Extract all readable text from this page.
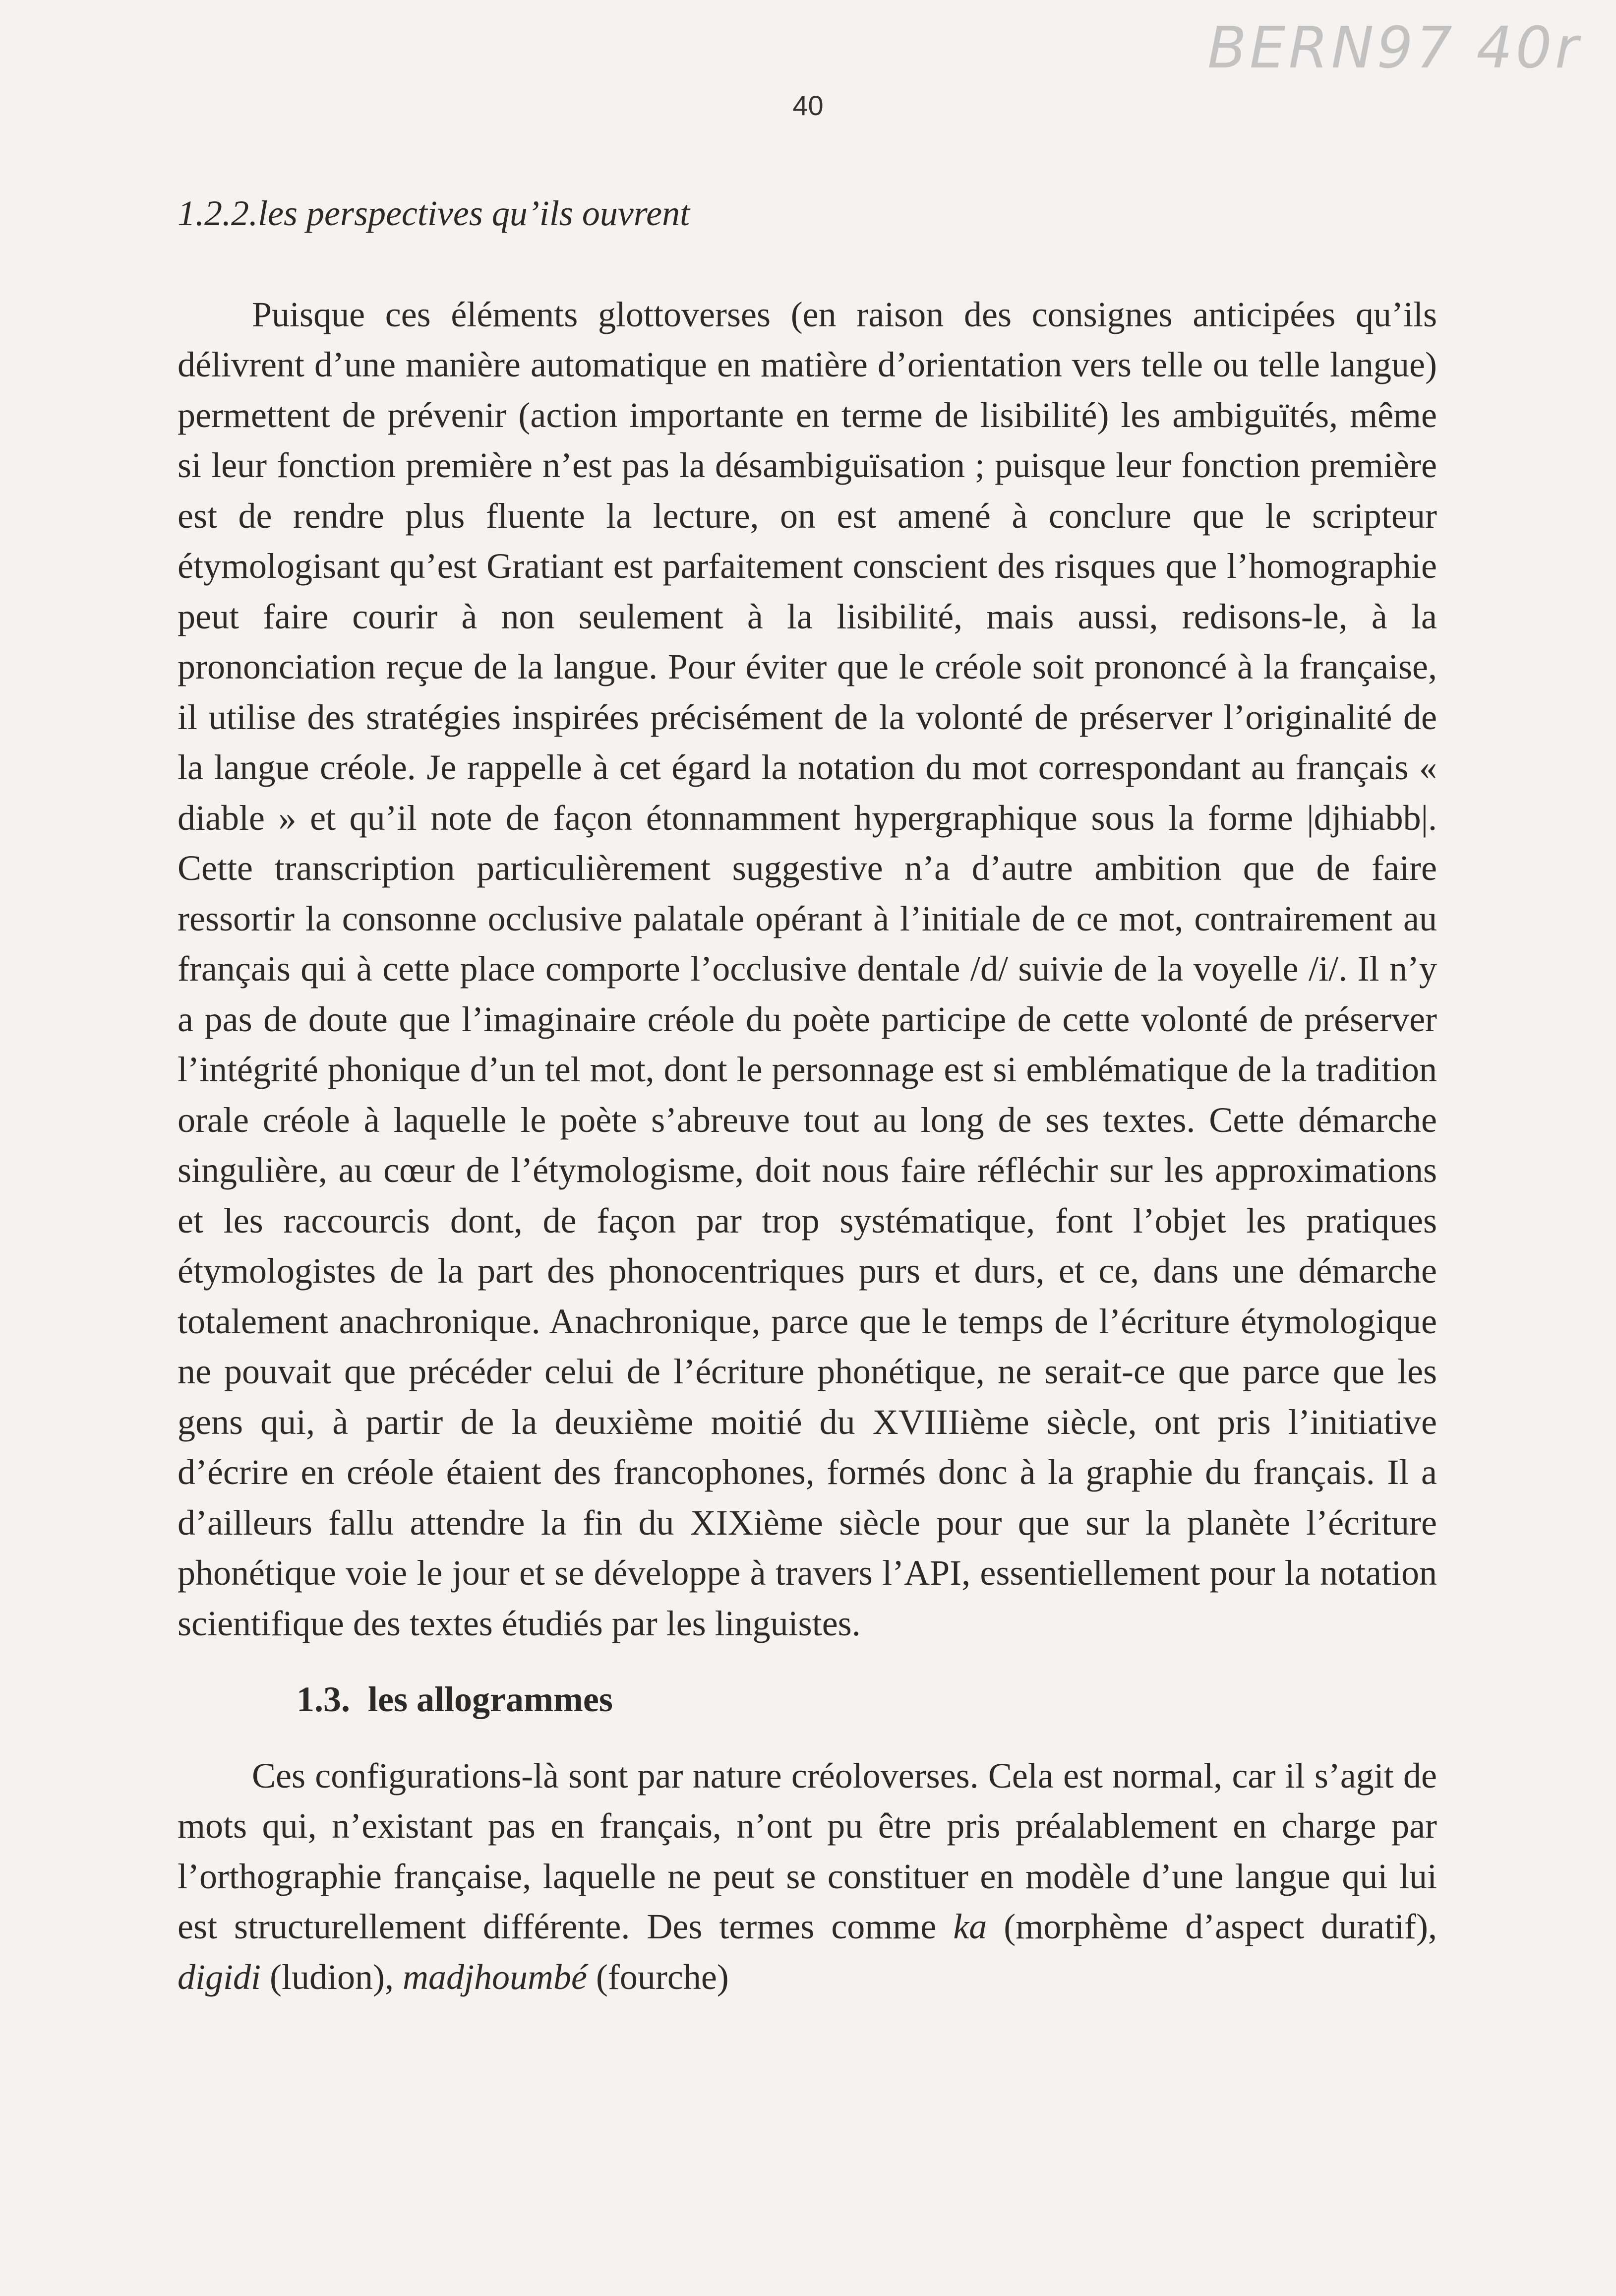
BERN97 40r
40
1.2.2.les perspectives qu’ils ouvrent

Puisque ces éléments glottoverses (en raison des consignes anticipées qu’ils délivrent d’une manière automatique en matière d’orientation vers telle ou telle langue) permettent de prévenir (action importante en terme de lisibilité) les ambiguïtés, même si leur fonction première n’est pas la désambiguïsation ; puisque leur fonction première est de rendre plus fluente la lecture, on est amené à conclure que le scripteur étymologisant qu’est Gratiant est parfaitement conscient des risques que l’homographie peut faire courir à non seulement à la lisibilité, mais aussi, redisons-le, à la prononciation reçue de la langue. Pour éviter que le créole soit prononcé à la française, il utilise des stratégies inspirées précisément de la volonté de préserver l’originalité de la langue créole. Je rappelle à cet égard la notation du mot correspondant au français « diable » et qu’il note de façon étonnamment hypergraphique sous la forme |djhiabb|. Cette transcription particulièrement suggestive n’a d’autre ambition que de faire ressortir la consonne occlusive palatale opérant à l’initiale de ce mot, contrairement au français qui à cette place comporte l’occlusive dentale /d/ suivie de la voyelle /i/. Il n’y a pas de doute que l’imaginaire créole du poète participe de cette volonté de préserver l’intégrité phonique d’un tel mot, dont le personnage est si emblématique de la tradition orale créole à laquelle le poète s’abreuve tout au long de ses textes. Cette démarche singulière, au cœur de l’étymologisme, doit nous faire réfléchir sur les approximations et les raccourcis dont, de façon par trop systématique, font l’objet les pratiques étymologistes de la part des phonocentriques purs et durs, et ce, dans une démarche totalement anachronique. Anachronique, parce que le temps de l’écriture étymologique ne pouvait que précéder celui de l’écriture phonétique, ne serait-ce que parce que les gens qui, à partir de la deuxième moitié du XVIIIième siècle, ont pris l’initiative d’écrire en créole étaient des francophones, formés donc à la graphie du français. Il a d’ailleurs fallu attendre la fin du XIXième siècle pour que sur la planète l’écriture phonétique voie le jour et se développe à travers l’API, essentiellement pour la notation scientifique des textes étudiés par les linguistes.

1.3. les allogrammes

Ces configurations-là sont par nature créoloverses. Cela est normal, car il s’agit de mots qui, n’existant pas en français, n’ont pu être pris préalablement en charge par l’orthographie française, laquelle ne peut se constituer en modèle d’une langue qui lui est structurellement différente. Des termes comme ka (morphème d’aspect duratif), digidi (ludion), madjhoumbé (fourche)
